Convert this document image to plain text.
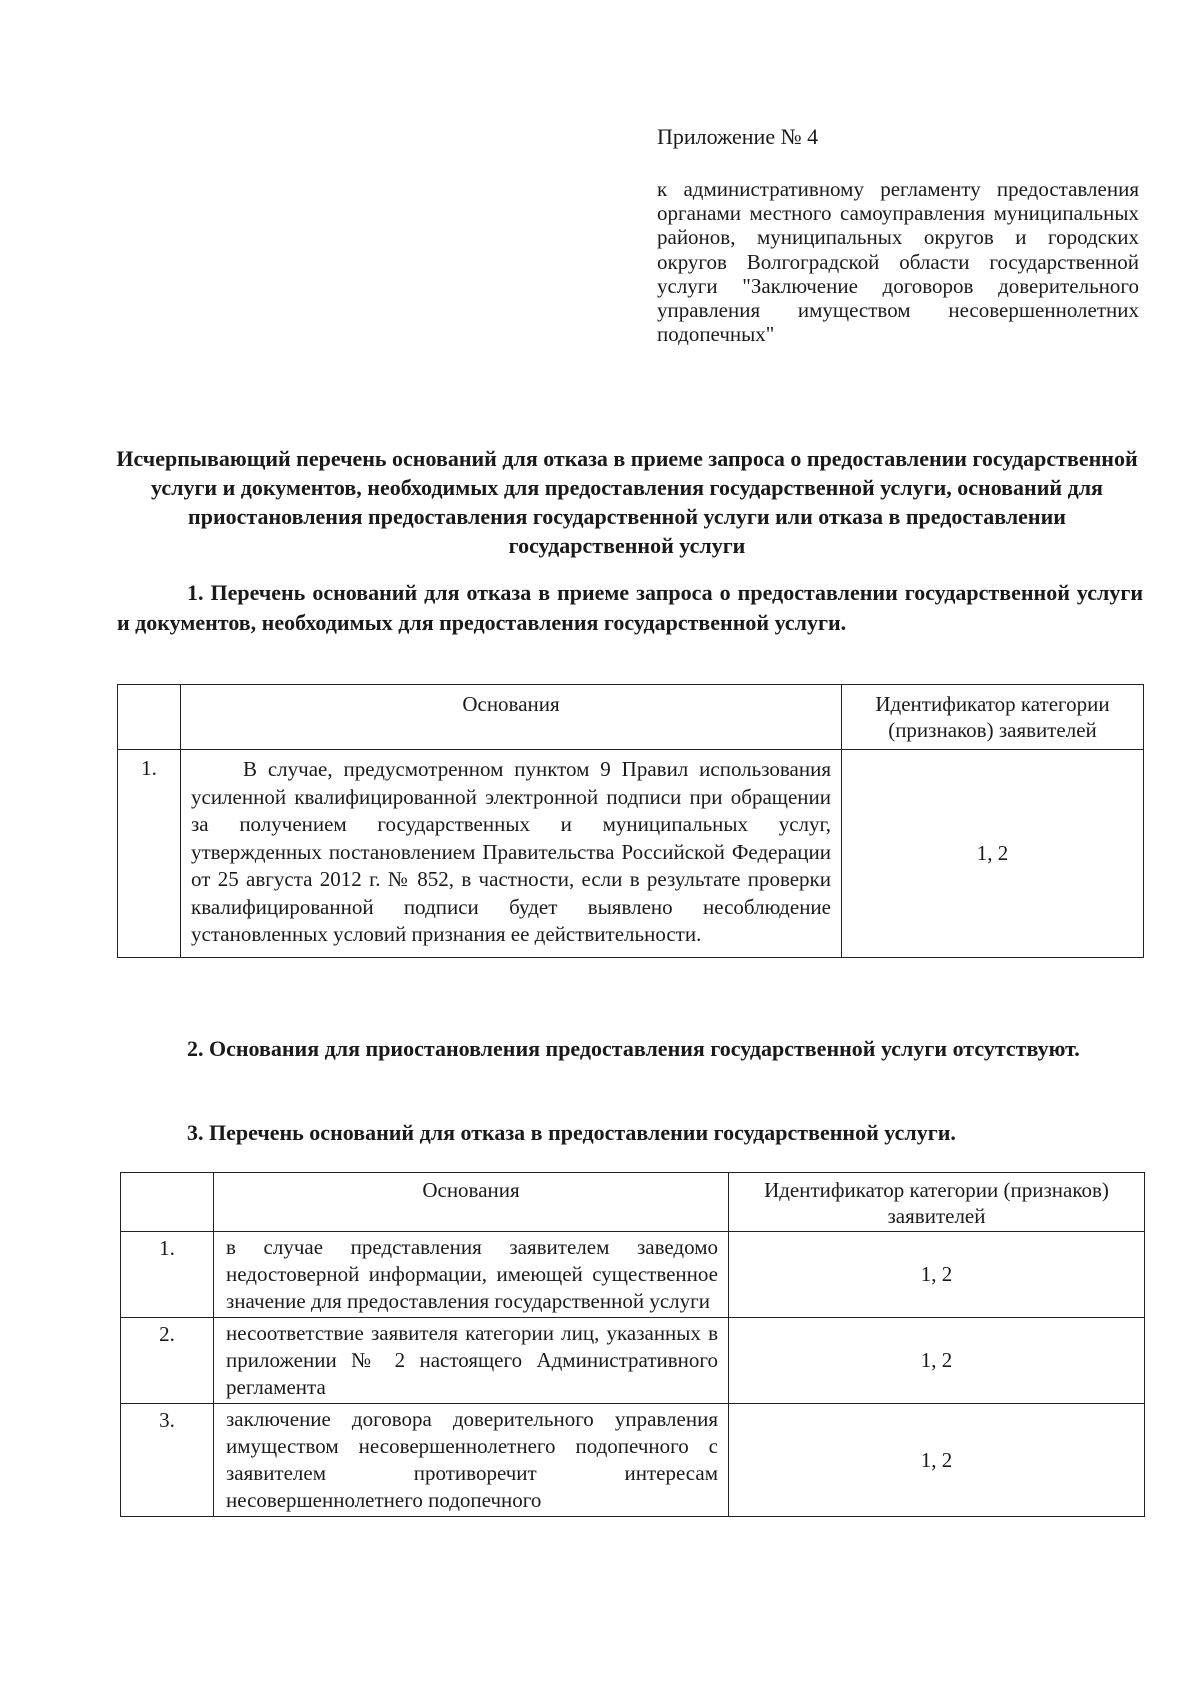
Приложение № 4
к административному регламенту предоставления органами местного самоуправления муниципальных районов, муниципальных округов и городских округов Волгоградской области государственной услуги "Заключение договоров доверительного управления имуществом несовершеннолетних подопечных"
Исчерпывающий перечень оснований для отказа в приеме запроса о предоставлении государственной услуги и документов, необходимых для предоставления государственной услуги, оснований для приостановления предоставления государственной услуги или отказа в предоставлении государственной услуги
1. Перечень оснований для отказа в приеме запроса о предоставлении государственной услуги и документов, необходимых для предоставления государственной услуги.
	Основания	Идентификатор категории (признаков) заявителей
1.	В случае, предусмотренном пунктом 9 Правил использования усиленной квалифицированной электронной подписи при обращении за получением государственных и муниципальных услуг, утвержденных постановлением Правительства Российской Федерации от 25 августа 2012 г. № 852, в частности, если в результате проверки квалифицированной подписи будет выявлено несоблюдение установленных условий признания ее действительности.	1, 2
2. Основания для приостановления предоставления государственной услуги отсутствуют.
3. Перечень оснований для отказа в предоставлении государственной услуги.
	Основания	Идентификатор категории (признаков) заявителей
1.	в случае представления заявителем заведомо недостоверной информации, имеющей существенное значение для предоставления государственной услуги	1, 2
2.	несоответствие заявителя категории лиц, указанных в приложении № 2 настоящего Административного регламента	1, 2
3.	заключение договора доверительного управления имуществом несовершеннолетнего подопечного с заявителем противоречит интересам несовершеннолетнего подопечного	1, 2
